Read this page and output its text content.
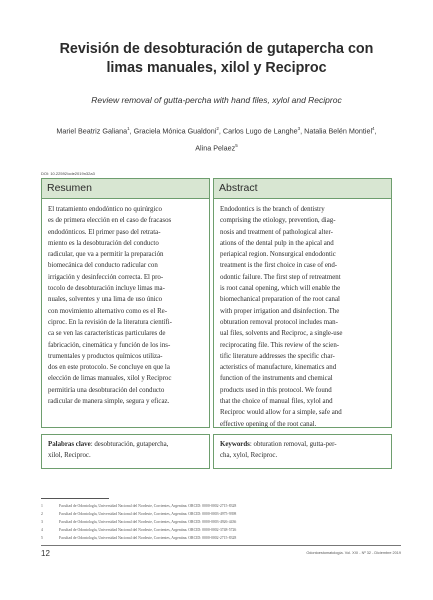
Revisión de desobturación de gutapercha con
limas manuales, xilol y Reciproc
Review removal of gutta-percha with hand files, xylol and Reciproc
Mariel Beatriz Galiana$^1$, Graciela Mónica Gualdoni$^2$, Carlos Lugo de Langhe$^3$, Natalia Belén Montiel$^4$,
Alina Pelaez$^5$
DOI: 10.22592/ode2019n32a3
Resumen
El tratamiento endodóntico no quirúrgico
es de primera elección en el caso de fracasos
endodónticos. El primer paso del retrata-
miento es la desobturación del conducto
radicular, que va a permitir la preparación
biomecánica del conducto radicular con
irrigación y desinfección correcta. El pro-
tocolo de desobturación incluye limas ma-
nuales, solventes y una lima de uso único
con movimiento alternativo como es el Re-
ciproc. En la revisión de la literatura científi-
ca se ven las características particulares de
fabricación, cinemática y función de los ins-
trumentales y productos químicos utiliza-
dos en este protocolo. Se concluye en que la
elección de limas manuales, xilol y Reciproc
permitiría una desobturación del conducto
radicular de manera simple, segura y eficaz.
Abstract
Endodontics is the branch of dentistry
comprising the etiology, prevention, diag-
nosis and treatment of pathological alter-
ations of the dental pulp in the apical and
periapical region. Nonsurgical endodontic
treatment is the first choice in case of end-
odontic failure. The first step of retreatment
is root canal opening, which will enable the
biomechanical preparation of the root canal
with proper irrigation and disinfection. The
obturation removal protocol includes man-
ual files, solvents and Reciproc, a single-use
reciprocating file. This review of the scien-
tific literature addresses the specific char-
acteristics of manufacture, kinematics and
function of the instruments and chemical
products used in this protocol. We found
that the choice of manual files, xylol and
Reciproc would allow for a simple, safe and
effective opening of the root canal.
Palabras clave: desobturación, gutapercha,
xilol, Reciproc.
Keywords: obturation removal, gutta-per-
cha, xylol, Reciproc.
1	Facultad de Odontología, Universidad Nacional del Nordeste, Corrientes, Argentina. ORCID: 0000-0002-2715-8328
2	Facultad de Odontología, Universidad Nacional del Nordeste, Corrientes, Argentina. ORCID: 0000-0003-4975-9398
3	Facultad de Odontología, Universidad Nacional del Nordeste, Corrientes, Argentina. ORCID: 0000-0003-4926-4436
4	Facultad de Odontología, Universidad Nacional del Nordeste, Corrientes, Argentina. ORCID: 0000-0002-3748-5726
5	Facultad de Odontología, Universidad Nacional del Nordeste, Corrientes, Argentina. ORCID: 0000-0002-2715-8328
12	Odontoestomatología. Vol. XXI - Nº 32 - Diciembre 2019
